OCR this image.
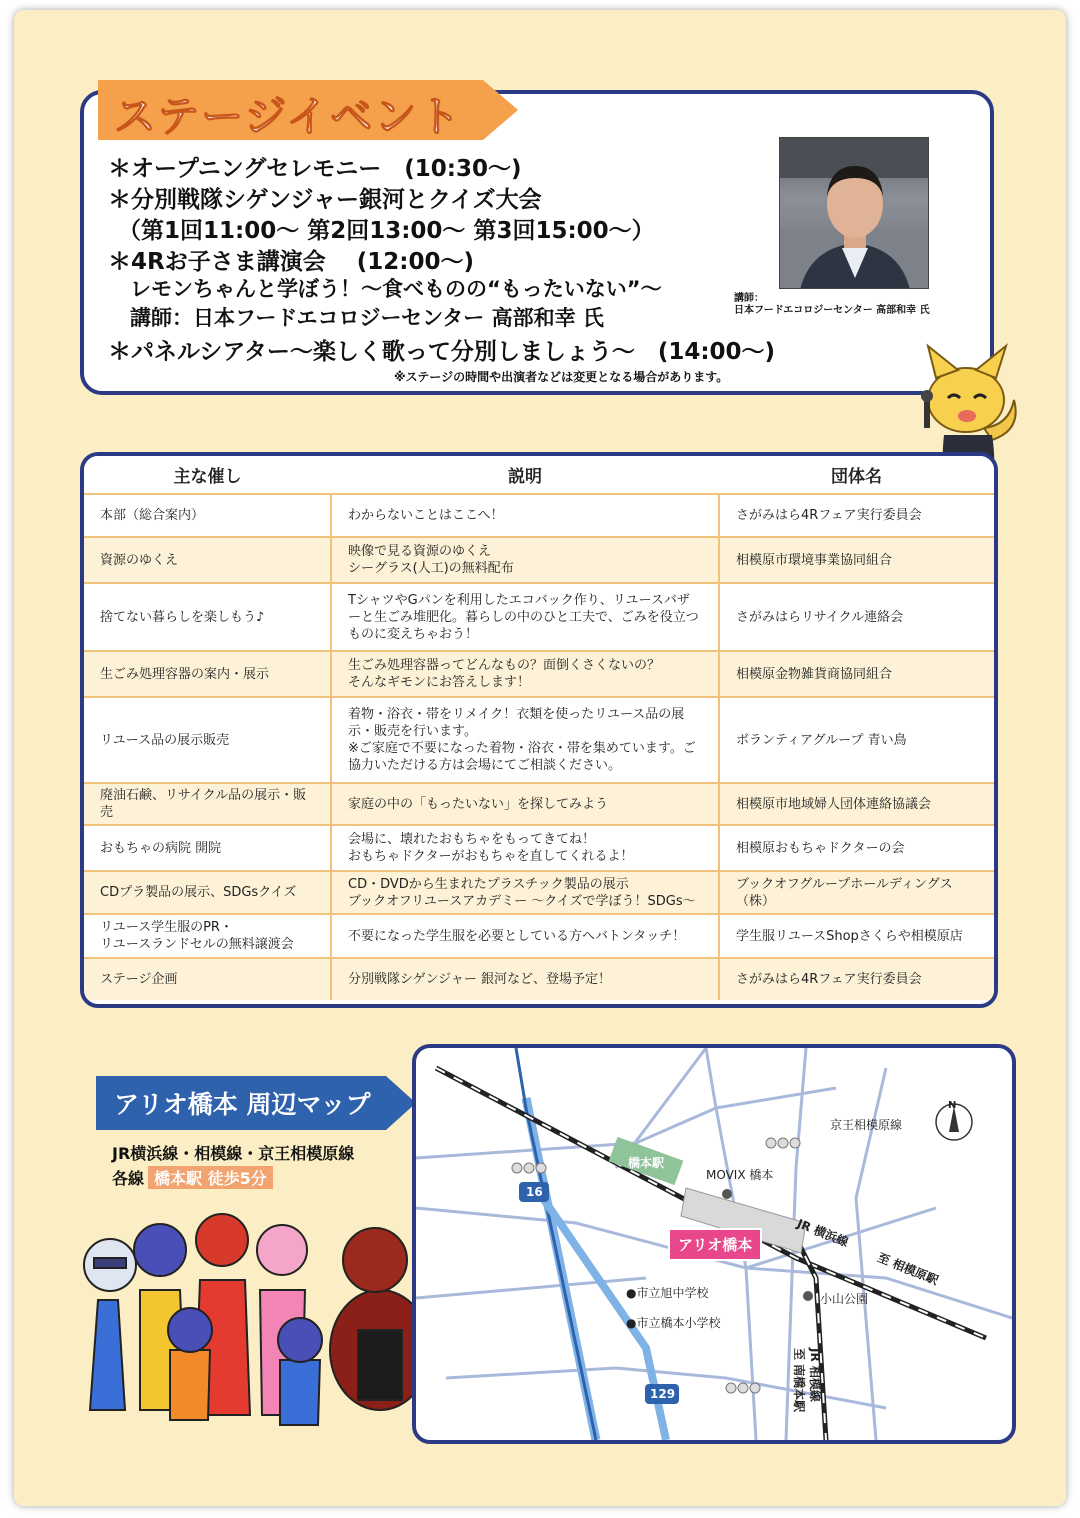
ステージイベント
＊オープニングセレモニー　(10:30〜)
＊分別戦隊シゲンジャー銀河とクイズ大会
（第1回11:00〜 第2回13:00〜 第3回15:00〜）
＊4Rお子さま講演会　 (12:00〜)
レモンちゃんと学ぼう！〜食べものの“もったいない”〜
講師：日本フードエコロジーセンター 高部和幸 氏
＊パネルシアター〜楽しく歌って分別しましょう〜　(14:00〜)
※ステージの時間や出演者などは変更となる場合があります。
講師：
日本フードエコロジーセンター 高部和幸 氏
主な催し	説明	団体名
本部（総合案内）	わからないことはここへ！	さがみはら4Rフェア実行委員会
資源のゆくえ	映像で見る資源のゆくえ
シーグラス(人工)の無料配布	相模原市環境事業協同組合
捨てない暮らしを楽しもう♪	TシャツやGパンを利用したエコバック作り、リユースバザーと生ごみ堆肥化。暮らしの中のひと工夫で、ごみを役立つものに変えちゃおう！	さがみはらリサイクル連絡会
生ごみ処理容器の案内・展示	生ごみ処理容器ってどんなもの？面倒くさくないの？
そんなギモンにお答えします！	相模原金物雑貨商協同組合
リユース品の展示販売	着物・浴衣・帯をリメイク！衣類を使ったリユース品の展示・販売を行います。
※ご家庭で不要になった着物・浴衣・帯を集めています。ご協力いただける方は会場にてご相談ください。	ボランティアグループ 青い鳥
廃油石鹸、リサイクル品の展示・販売	家庭の中の「もったいない」を探してみよう	相模原市地域婦人団体連絡協議会
おもちゃの病院 開院	会場に、壊れたおもちゃをもってきてね！
おもちゃドクターがおもちゃを直してくれるよ！	相模原おもちゃドクターの会
CDプラ製品の展示、SDGsクイズ	CD・DVDから生まれたプラスチック製品の展示
ブックオフリユースアカデミー 〜クイズで学ぼう！SDGs〜	ブックオフグループホールディングス（株）
リユース学生服のPR・
リユースランドセルの無料譲渡会	不要になった学生服を必要としている方へバトンタッチ！	学生服リユースShopさくらや相模原店
ステージ企画	分別戦隊シゲンジャー 銀河など、登場予定！	さがみはら4Rフェア実行委員会
アリオ橋本 周辺マップ
JR横浜線・相模線・京王相模原線
各線 橋本駅 徒歩5分
京王相模原線
N
橋本駅
MOVIX 橋本
アリオ橋本	JR 横浜線
至 相模原駅
●市立旭中学校
●市立橋本小学校
小山公園
JR 相模線
至 南橋本駅
16
129
